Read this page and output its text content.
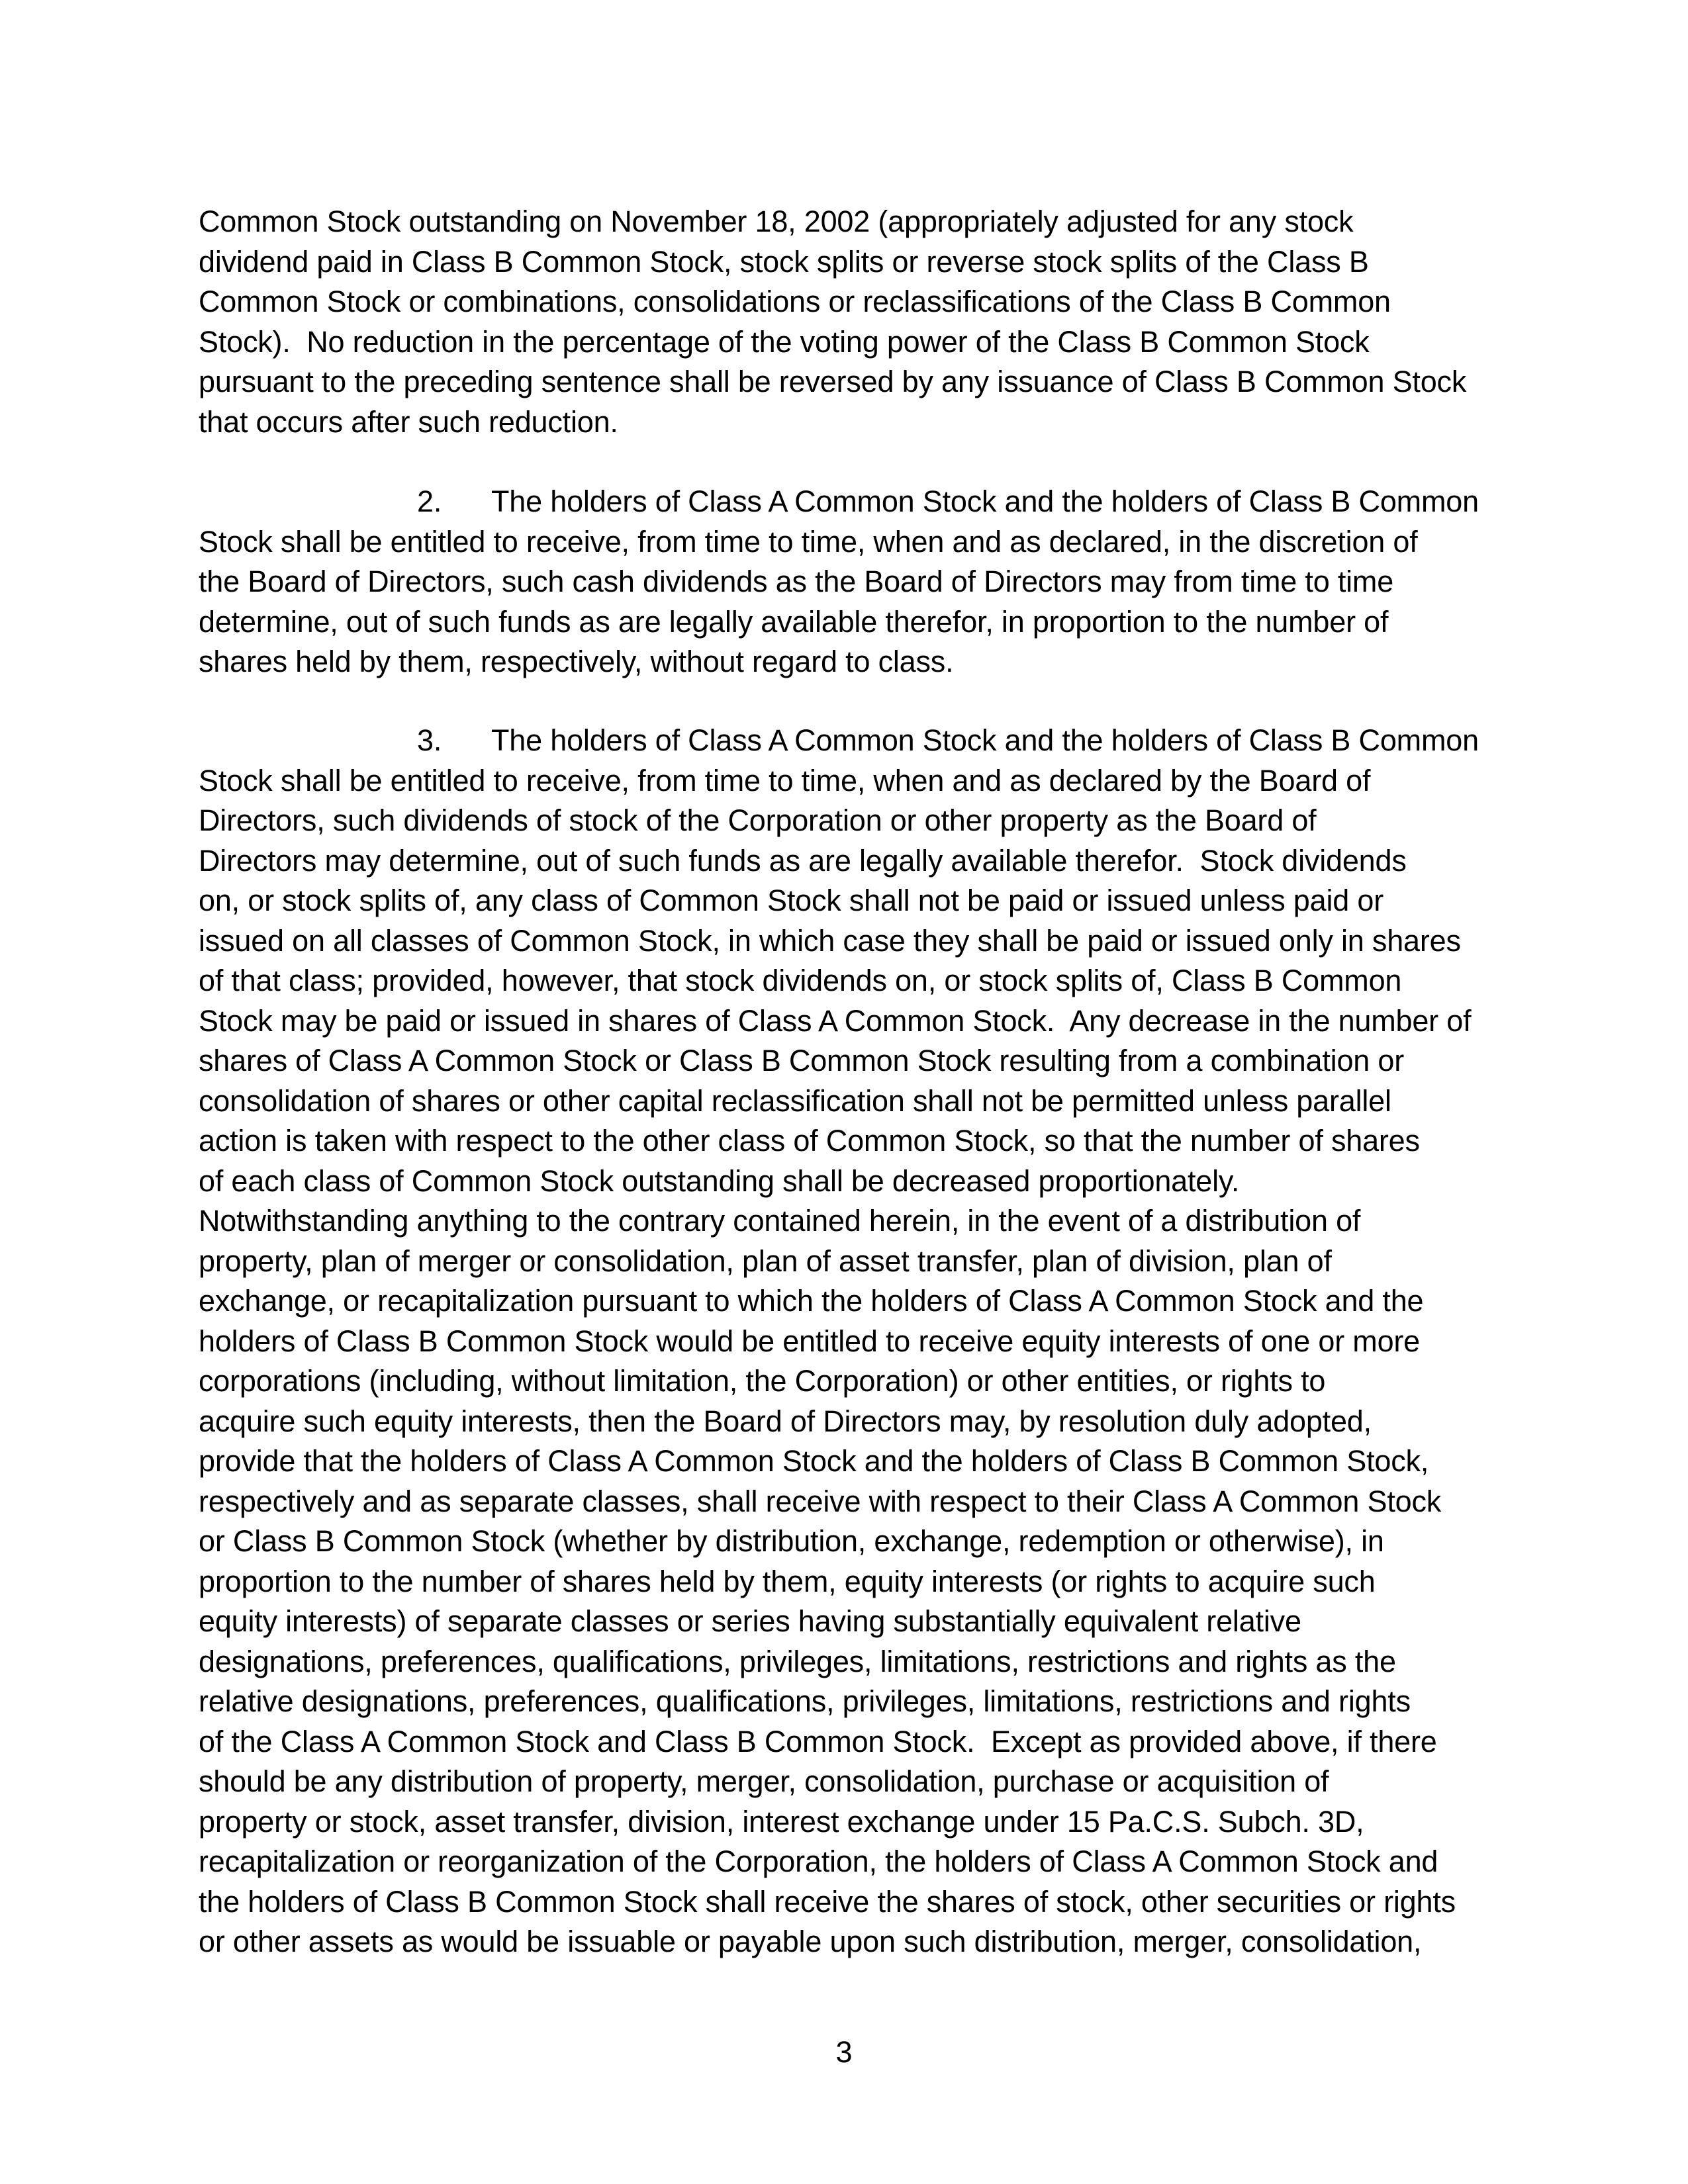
Common Stock outstanding on November 18, 2002 (appropriately adjusted for any stock
dividend paid in Class B Common Stock, stock splits or reverse stock splits of the Class B
Common Stock or combinations, consolidations or reclassifications of the Class B Common
Stock).  No reduction in the percentage of the voting power of the Class B Common Stock
pursuant to the preceding sentence shall be reversed by any issuance of Class B Common Stock
that occurs after such reduction.
2. The holders of Class A Common Stock and the holders of Class B Common
Stock shall be entitled to receive, from time to time, when and as declared, in the discretion of
the Board of Directors, such cash dividends as the Board of Directors may from time to time
determine, out of such funds as are legally available therefor, in proportion to the number of
shares held by them, respectively, without regard to class.
3. The holders of Class A Common Stock and the holders of Class B Common
Stock shall be entitled to receive, from time to time, when and as declared by the Board of
Directors, such dividends of stock of the Corporation or other property as the Board of
Directors may determine, out of such funds as are legally available therefor.  Stock dividends
on, or stock splits of, any class of Common Stock shall not be paid or issued unless paid or
issued on all classes of Common Stock, in which case they shall be paid or issued only in shares
of that class; provided, however, that stock dividends on, or stock splits of, Class B Common
Stock may be paid or issued in shares of Class A Common Stock.  Any decrease in the number of
shares of Class A Common Stock or Class B Common Stock resulting from a combination or
consolidation of shares or other capital reclassification shall not be permitted unless parallel
action is taken with respect to the other class of Common Stock, so that the number of shares
of each class of Common Stock outstanding shall be decreased proportionately.
Notwithstanding anything to the contrary contained herein, in the event of a distribution of
property, plan of merger or consolidation, plan of asset transfer, plan of division, plan of
exchange, or recapitalization pursuant to which the holders of Class A Common Stock and the
holders of Class B Common Stock would be entitled to receive equity interests of one or more
corporations (including, without limitation, the Corporation) or other entities, or rights to
acquire such equity interests, then the Board of Directors may, by resolution duly adopted,
provide that the holders of Class A Common Stock and the holders of Class B Common Stock,
respectively and as separate classes, shall receive with respect to their Class A Common Stock
or Class B Common Stock (whether by distribution, exchange, redemption or otherwise), in
proportion to the number of shares held by them, equity interests (or rights to acquire such
equity interests) of separate classes or series having substantially equivalent relative
designations, preferences, qualifications, privileges, limitations, restrictions and rights as the
relative designations, preferences, qualifications, privileges, limitations, restrictions and rights
of the Class A Common Stock and Class B Common Stock.  Except as provided above, if there
should be any distribution of property, merger, consolidation, purchase or acquisition of
property or stock, asset transfer, division, interest exchange under 15 Pa.C.S. Subch. 3D,
recapitalization or reorganization of the Corporation, the holders of Class A Common Stock and
the holders of Class B Common Stock shall receive the shares of stock, other securities or rights
or other assets as would be issuable or payable upon such distribution, merger, consolidation,
3
